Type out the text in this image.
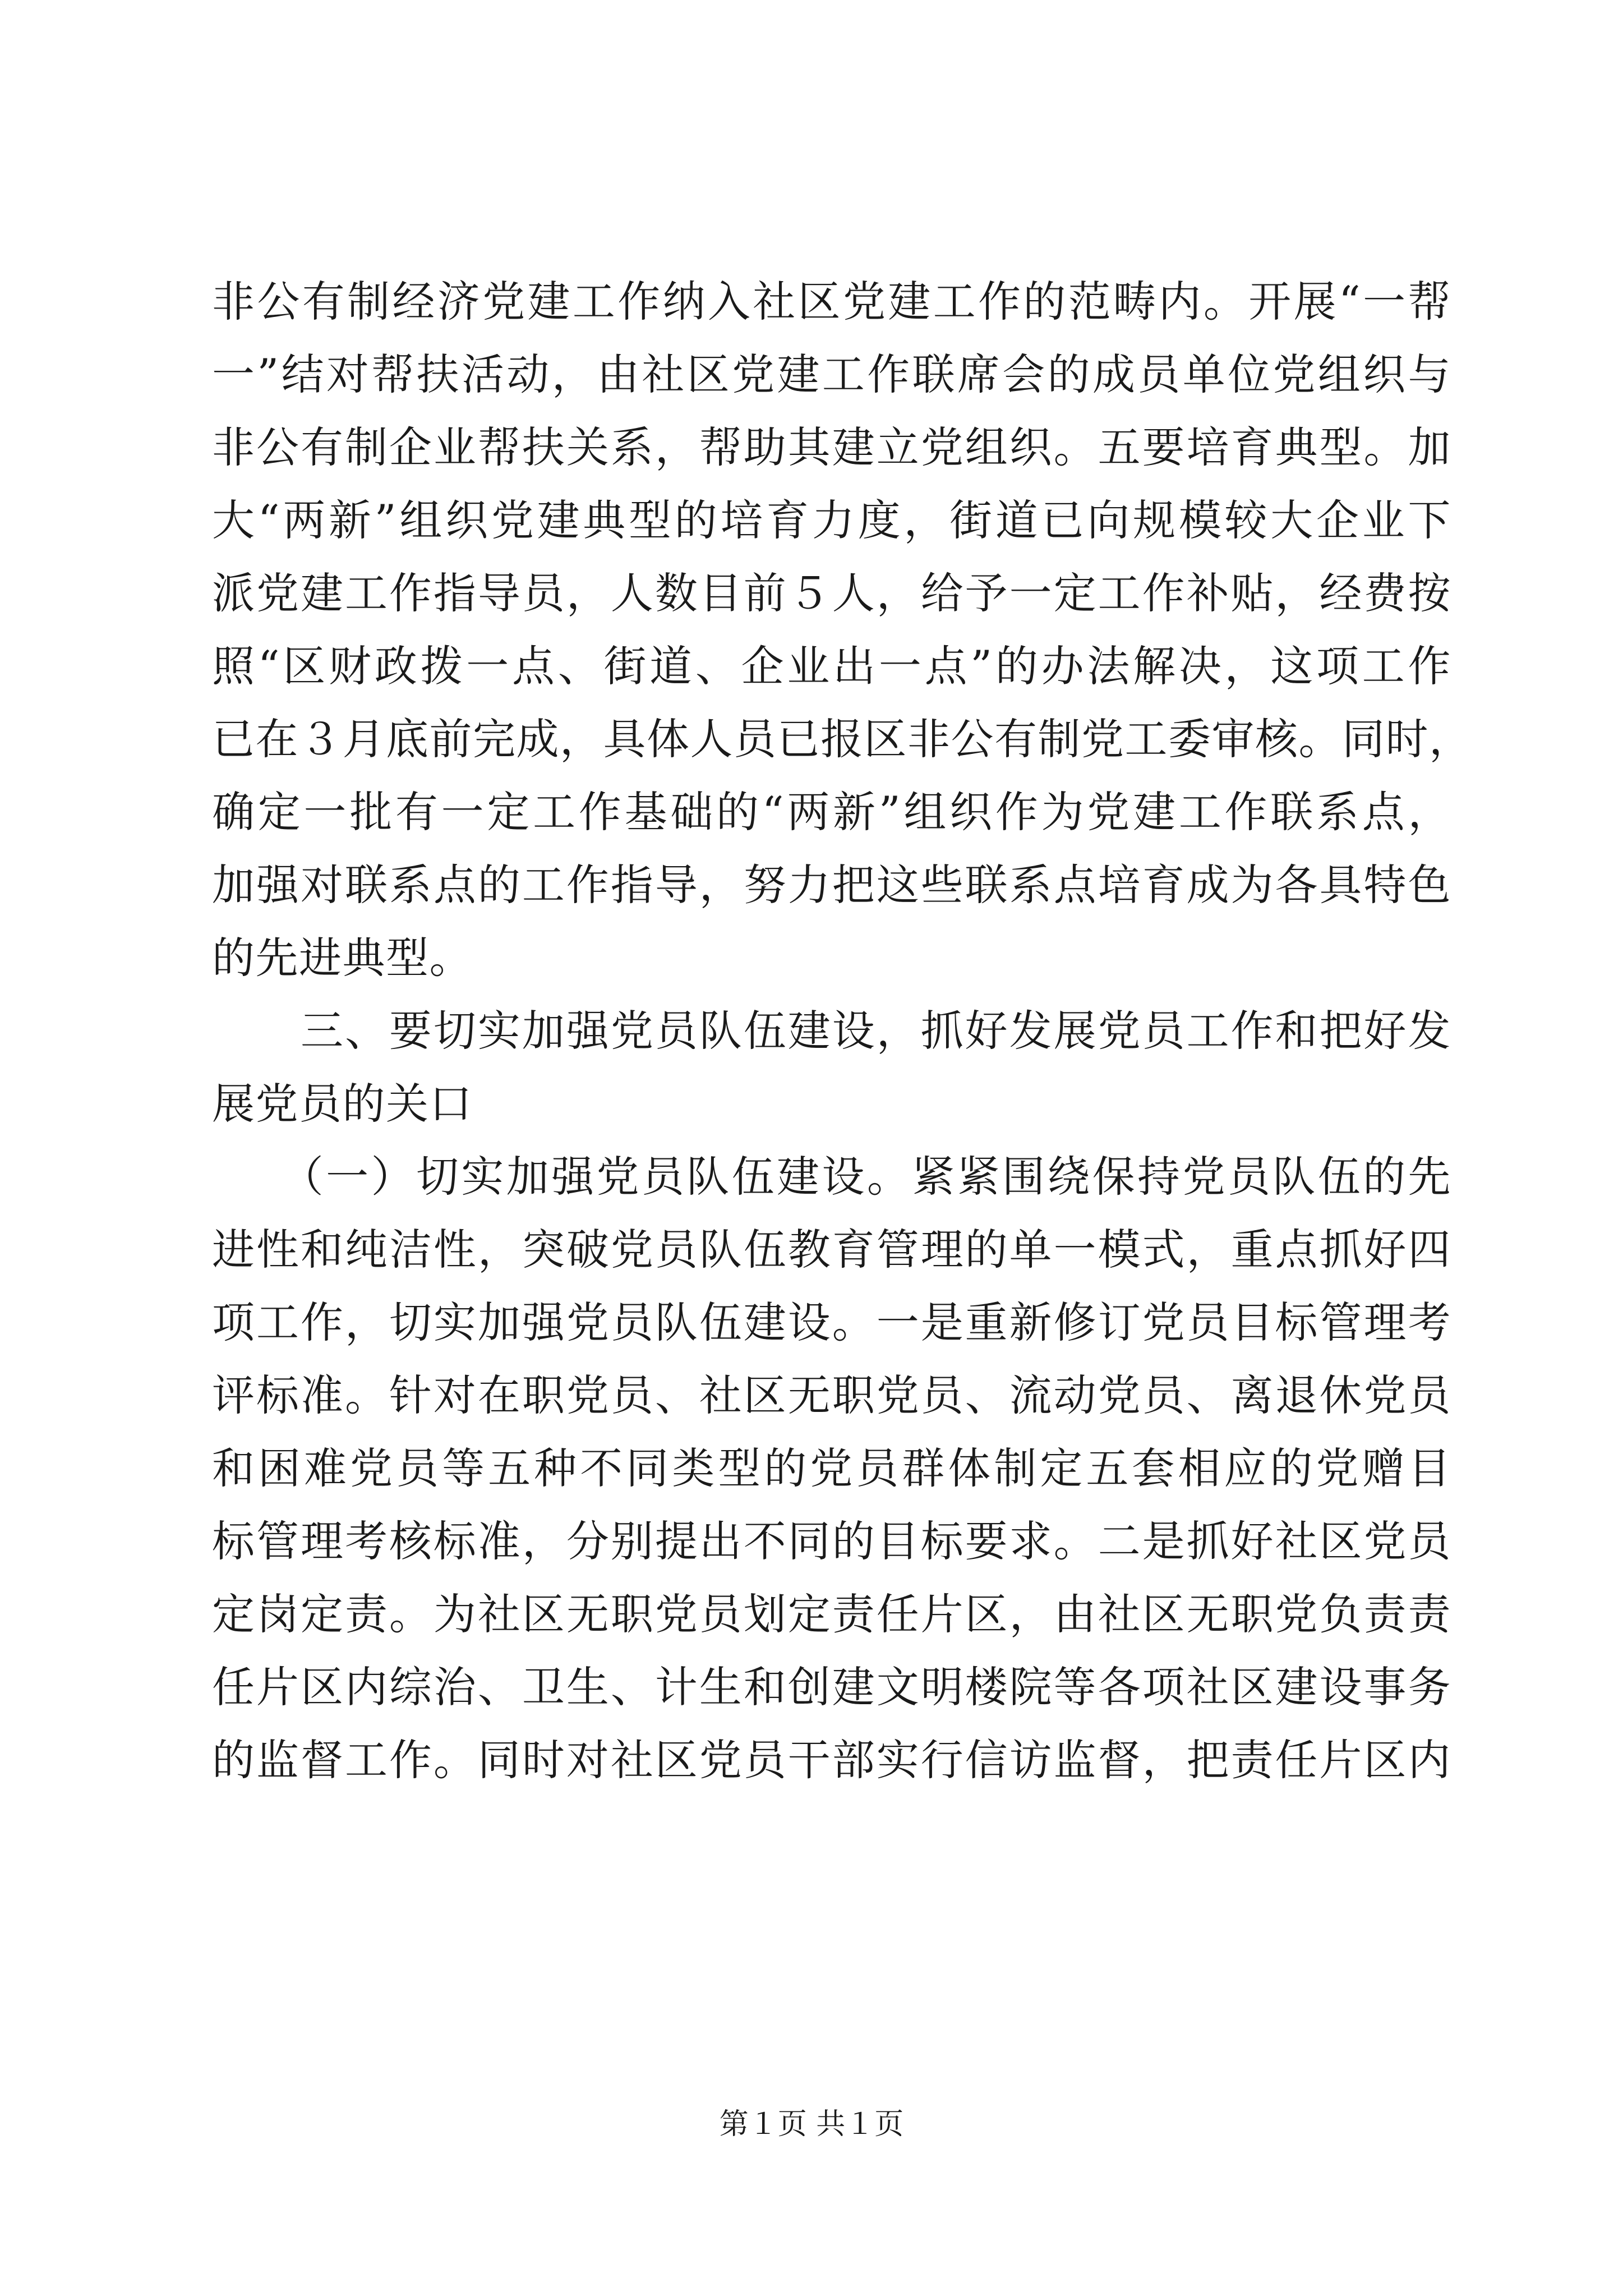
非公有制经济党建工作纳入社区党建工作的范畴内。开展“一帮
一”结对帮扶活动，由社区党建工作联席会的成员单位党组织与
非公有制企业帮扶关系，帮助其建立党组织。五要培育典型。加
大“两新”组织党建典型的培育力度，街道已向规模较大企业下
派党建工作指导员，人数目前５人，给予一定工作补贴，经费按
照“区财政拨一点、街道、企业出一点”的办法解决，这项工作
已在３月底前完成，具体人员已报区非公有制党工委审核。同时，
确定一批有一定工作基础的“两新”组织作为党建工作联系点，
加强对联系点的工作指导，努力把这些联系点培育成为各具特色
的先进典型。
　　三、要切实加强党员队伍建设，抓好发展党员工作和把好发
展党员的关口
　　（一）切实加强党员队伍建设。紧紧围绕保持党员队伍的先
进性和纯洁性，突破党员队伍教育管理的单一模式，重点抓好四
项工作，切实加强党员队伍建设。一是重新修订党员目标管理考
评标准。针对在职党员、社区无职党员、流动党员、离退休党员
和困难党员等五种不同类型的党员群体制定五套相应的党赠目
标管理考核标准，分别提出不同的目标要求。二是抓好社区党员
定岗定责。为社区无职党员划定责任片区，由社区无职党负责责
任片区内综治、卫生、计生和创建文明楼院等各项社区建设事务
的监督工作。同时对社区党员干部实行信访监督，把责任片区内
第１页 共１页
